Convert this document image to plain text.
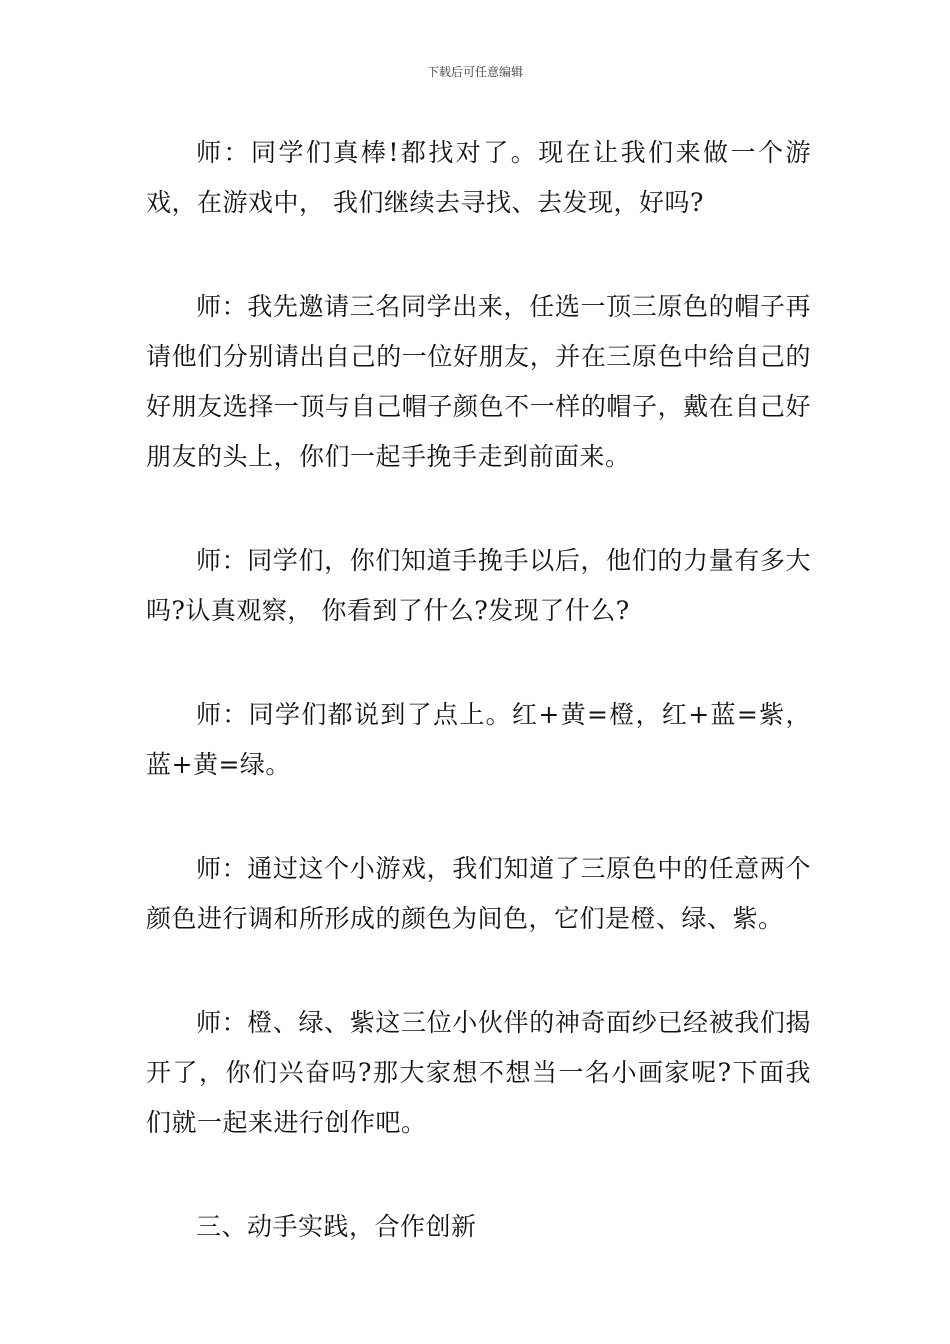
下载后可任意编辑

师：同学们真棒!都找对了。现在让我们来做一个游戏，在游戏中， 我们继续去寻找、去发现，好吗?

师：我先邀请三名同学出来，任选一顶三原色的帽子再请他们分别请出自己的一位好朋友，并在三原色中给自己的好朋友选择一顶与自己帽子颜色不一样的帽子，戴在自己好朋友的头上，你们一起手挽手走到前面来。

师：同学们，你们知道手挽手以后，他们的力量有多大吗?认真观察， 你看到了什么?发现了什么?

师：同学们都说到了点上。红+黄=橙，红+蓝=紫，蓝+黄=绿。

师：通过这个小游戏，我们知道了三原色中的任意两个颜色进行调和所形成的颜色为间色，它们是橙、绿、紫。

师：橙、绿、紫这三位小伙伴的神奇面纱已经被我们揭开了，你们兴奋吗?那大家想不想当一名小画家呢?下面我们就一起来进行创作吧。

三、动手实践，合作创新
